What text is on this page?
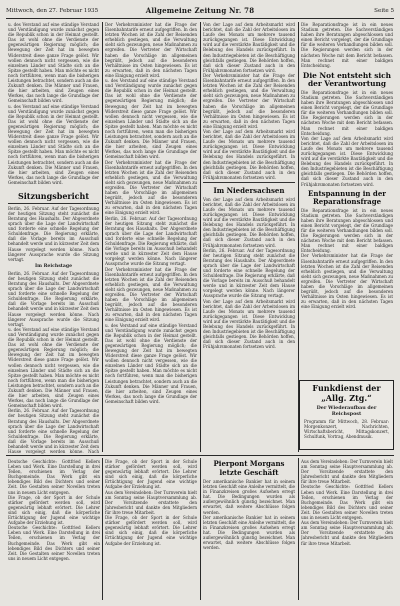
Mittwoch, den 27. Februar 1935	Allgemeine Zeitung Nr. 78	Seite 5
u. des Verstand auf eine ständige Verstand und Verständigung wurde zunächst gegen die Republik schon in der Heimat gestellt. Das ist wohl ohne die Verdienste der gegenwärtigen Regierung möglich; die Bewegung der Zeit hat im bewegten Widerstreit diese ganze Frage gelöst. Wir wollen dennoch nicht vergessen, wie die einzelnen Länder und Städte sich an die Spitze gestellt haben. Man möchte es nicht noch fortführen, wenn man die bisherigen Leistungen betrachtet, sondern auch an die Zukunft denken. Die Männer und Frauen, die hier arbeiten, sind Zeugen eines Werkes, das noch lange die Grundlage der Gemeinschaft bilden wird.
u. des Verstand auf eine ständige Verstand und Verständigung wurde zunächst gegen die Republik schon in der Heimat gestellt. Das ist wohl ohne die Verdienste der gegenwärtigen Regierung möglich; die Bewegung der Zeit hat im bewegten Widerstreit diese ganze Frage gelöst. Wir wollen dennoch nicht vergessen, wie die einzelnen Länder und Städte sich an die Spitze gestellt haben. Man möchte es nicht noch fortführen, wenn man die bisherigen Leistungen betrachtet, sondern auch an die Zukunft denken. Die Männer und Frauen, die hier arbeiten, sind Zeugen eines Werkes, das noch lange die Grundlage der Gemeinschaft bilden wird.
Sitzungsbericht
Berlin, 26. Februar. Auf der Tagesordnung der heutigen Sitzung steht zunächst die Beratung des Haushalts. Der Abgeordnete sprach über die Lage der Landwirtschaft und forderte eine schnelle Regelung der Schuldenfrage. Die Regierung erklärte, daß die Vorlage bereits im Ausschuß behandelt werde und in kürzester Zeit dem Hause vorgelegt werden könne. Nach längerer Aussprache wurde die Sitzung vertagt.
Im Reichstage
Berlin, 26. Februar. Auf der Tagesordnung der heutigen Sitzung steht zunächst die Beratung des Haushalts. Der Abgeordnete sprach über die Lage der Landwirtschaft und forderte eine schnelle Regelung der Schuldenfrage. Die Regierung erklärte, daß die Vorlage bereits im Ausschuß behandelt werde und in kürzester Zeit dem Hause vorgelegt werden könne. Nach längerer Aussprache wurde die Sitzung vertagt.
u. des Verstand auf eine ständige Verstand und Verständigung wurde zunächst gegen die Republik schon in der Heimat gestellt. Das ist wohl ohne die Verdienste der gegenwärtigen Regierung möglich; die Bewegung der Zeit hat im bewegten Widerstreit diese ganze Frage gelöst. Wir wollen dennoch nicht vergessen, wie die einzelnen Länder und Städte sich an die Spitze gestellt haben. Man möchte es nicht noch fortführen, wenn man die bisherigen Leistungen betrachtet, sondern auch an die Zukunft denken. Die Männer und Frauen, die hier arbeiten, sind Zeugen eines Werkes, das noch lange die Grundlage der Gemeinschaft bilden wird.
Berlin, 26. Februar. Auf der Tagesordnung der heutigen Sitzung steht zunächst die Beratung des Haushalts. Der Abgeordnete sprach über die Lage der Landwirtschaft und forderte eine schnelle Regelung der Schuldenfrage. Die Regierung erklärte, daß die Vorlage bereits im Ausschuß behandelt werde und in kürzester Zeit dem Hause vorgelegt werden könne. Nach
Der Verkehrsminister hat die Frage der Eisenbahntarife erneut aufgegriffen. In den letzten Wochen ist die Zahl der Reisenden erheblich gestiegen, und die Verwaltung sieht sich gezwungen, neue Maßnahmen zu ergreifen. Die Vertreter der Wirtschaft haben die Vorschläge im allgemeinen begrüßt, jedoch auf die besonderen Verhältnisse im Osten hingewiesen. Es ist zu erwarten, daß in den nächsten Tagen eine Einigung erzielt wird.
u. des Verstand auf eine ständige Verstand und Verständigung wurde zunächst gegen die Republik schon in der Heimat gestellt. Das ist wohl ohne die Verdienste der gegenwärtigen Regierung möglich; die Bewegung der Zeit hat im bewegten Widerstreit diese ganze Frage gelöst. Wir wollen dennoch nicht vergessen, wie die einzelnen Länder und Städte sich an die Spitze gestellt haben. Man möchte es nicht noch fortführen, wenn man die bisherigen Leistungen betrachtet, sondern auch an die Zukunft denken. Die Männer und Frauen, die hier arbeiten, sind Zeugen eines Werkes, das noch lange die Grundlage der Gemeinschaft bilden wird.
Der Verkehrsminister hat die Frage der Eisenbahntarife erneut aufgegriffen. In den letzten Wochen ist die Zahl der Reisenden erheblich gestiegen, und die Verwaltung sieht sich gezwungen, neue Maßnahmen zu ergreifen. Die Vertreter der Wirtschaft haben die Vorschläge im allgemeinen begrüßt, jedoch auf die besonderen Verhältnisse im Osten hingewiesen. Es ist zu erwarten, daß in den nächsten Tagen eine Einigung erzielt wird.
Berlin, 26. Februar. Auf der Tagesordnung der heutigen Sitzung steht zunächst die Beratung des Haushalts. Der Abgeordnete sprach über die Lage der Landwirtschaft und forderte eine schnelle Regelung der Schuldenfrage. Die Regierung erklärte, daß die Vorlage bereits im Ausschuß behandelt werde und in kürzester Zeit dem Hause vorgelegt werden könne. Nach längerer Aussprache wurde die Sitzung vertagt.
Der Verkehrsminister hat die Frage der Eisenbahntarife erneut aufgegriffen. In den letzten Wochen ist die Zahl der Reisenden erheblich gestiegen, und die Verwaltung sieht sich gezwungen, neue Maßnahmen zu ergreifen. Die Vertreter der Wirtschaft haben die Vorschläge im allgemeinen begrüßt, jedoch auf die besonderen Verhältnisse im Osten hingewiesen. Es ist zu erwarten, daß in den nächsten Tagen eine Einigung erzielt wird.
u. des Verstand auf eine ständige Verstand und Verständigung wurde zunächst gegen die Republik schon in der Heimat gestellt. Das ist wohl ohne die Verdienste der gegenwärtigen Regierung möglich; die Bewegung der Zeit hat im bewegten Widerstreit diese ganze Frage gelöst. Wir wollen dennoch nicht vergessen, wie die einzelnen Länder und Städte sich an die Spitze gestellt haben. Man möchte es nicht noch fortführen, wenn man die bisherigen Leistungen betrachtet, sondern auch an die Zukunft denken. Die Männer und Frauen, die hier arbeiten, sind Zeugen eines Werkes, das noch lange die Grundlage der Gemeinschaft bilden wird.
Von der Lage auf dem Arbeitsmarkt wird berichtet, daß die Zahl der Arbeitslosen im Laufe des Monats um mehrere tausend zurückgegangen ist. Diese Entwicklung wird auf die verstärkte Bautätigkeit und die Belebung des Handels zurückgeführt. In den Industriegebieten ist die Beschäftigung gleichfalls gestiegen. Die Behörden hoffen, daß sich dieser Zustand auch in den Frühjahrsmonaten fortsetzen wird.
Der Verkehrsminister hat die Frage der Eisenbahntarife erneut aufgegriffen. In den letzten Wochen ist die Zahl der Reisenden erheblich gestiegen, und die Verwaltung sieht sich gezwungen, neue Maßnahmen zu ergreifen. Die Vertreter der Wirtschaft haben die Vorschläge im allgemeinen begrüßt, jedoch auf die besonderen Verhältnisse im Osten hingewiesen. Es ist zu erwarten, daß in den nächsten Tagen eine Einigung erzielt wird.
Von der Lage auf dem Arbeitsmarkt wird berichtet, daß die Zahl der Arbeitslosen im Laufe des Monats um mehrere tausend zurückgegangen ist. Diese Entwicklung wird auf die verstärkte Bautätigkeit und die Belebung des Handels zurückgeführt. In den Industriegebieten ist die Beschäftigung gleichfalls gestiegen. Die Behörden hoffen, daß sich dieser Zustand auch in den Frühjahrsmonaten fortsetzen wird.
Im Niedersachsen
Von der Lage auf dem Arbeitsmarkt wird berichtet, daß die Zahl der Arbeitslosen im Laufe des Monats um mehrere tausend zurückgegangen ist. Diese Entwicklung wird auf die verstärkte Bautätigkeit und die Belebung des Handels zurückgeführt. In den Industriegebieten ist die Beschäftigung gleichfalls gestiegen. Die Behörden hoffen, daß sich dieser Zustand auch in den Frühjahrsmonaten fortsetzen wird.
Berlin, 26. Februar. Auf der Tagesordnung der heutigen Sitzung steht zunächst die Beratung des Haushalts. Der Abgeordnete sprach über die Lage der Landwirtschaft und forderte eine schnelle Regelung der Schuldenfrage. Die Regierung erklärte, daß die Vorlage bereits im Ausschuß behandelt werde und in kürzester Zeit dem Hause vorgelegt werden könne. Nach längerer Aussprache wurde die Sitzung vertagt.
Von der Lage auf dem Arbeitsmarkt wird berichtet, daß die Zahl der Arbeitslosen im Laufe des Monats um mehrere tausend zurückgegangen ist. Diese Entwicklung wird auf die verstärkte Bautätigkeit und die Belebung des Handels zurückgeführt. In den Industriegebieten ist die Beschäftigung gleichfalls gestiegen. Die Behörden hoffen, daß sich dieser Zustand auch in den Frühjahrsmonaten fortsetzen wird.
Die Reparationsfrage ist in ein neues Stadium getreten. Die Sachverständigen haben ihre Beratungen abgeschlossen und einen Bericht vorgelegt, der die Grundlage für die weiteren Verhandlungen bilden soll. Die Regierungen werden sich in der nächsten Woche mit dem Bericht befassen. Man rechnet mit einer baldigen Entscheidung.
Die Not entsteht sich der Verantwortung
Die Reparationsfrage ist in ein neues Stadium getreten. Die Sachverständigen haben ihre Beratungen abgeschlossen und einen Bericht vorgelegt, der die Grundlage für die weiteren Verhandlungen bilden soll. Die Regierungen werden sich in der nächsten Woche mit dem Bericht befassen. Man rechnet mit einer baldigen Entscheidung.
Von der Lage auf dem Arbeitsmarkt wird berichtet, daß die Zahl der Arbeitslosen im Laufe des Monats um mehrere tausend zurückgegangen ist. Diese Entwicklung wird auf die verstärkte Bautätigkeit und die Belebung des Handels zurückgeführt. In den Industriegebieten ist die Beschäftigung gleichfalls gestiegen. Die Behörden hoffen, daß sich dieser Zustand auch in den Frühjahrsmonaten fortsetzen wird.
Entspannung in der Reparationsfrage
Die Reparationsfrage ist in ein neues Stadium getreten. Die Sachverständigen haben ihre Beratungen abgeschlossen und einen Bericht vorgelegt, der die Grundlage für die weiteren Verhandlungen bilden soll. Die Regierungen werden sich in der nächsten Woche mit dem Bericht befassen. Man rechnet mit einer baldigen Entscheidung.
Der Verkehrsminister hat die Frage der Eisenbahntarife erneut aufgegriffen. In den letzten Wochen ist die Zahl der Reisenden erheblich gestiegen, und die Verwaltung sieht sich gezwungen, neue Maßnahmen zu ergreifen. Die Vertreter der Wirtschaft haben die Vorschläge im allgemeinen begrüßt, jedoch auf die besonderen Verhältnisse im Osten hingewiesen. Es ist zu erwarten, daß in den nächsten Tagen eine Einigung erzielt wird.
Funkdienst der „Allg. Ztg.“
Der Wiederaufbau der Reichspost
Programm für Mittwoch, 28. Februar: Morgenkonzert, Nachrichten, Wirtschaftsbericht, Mittagskonzert, Schulfunk, Vortrag, Abendmusik.
Deutsche Geschichte: Gottfried Kellers Leben und Werk. Eine Darstellung in drei Teilen, erschienen im Verlag der Buchgemeinde. Das Werk gibt ein lebendiges Bild des Dichters und seiner Zeit. Die Gestalten seiner Novellen treten uns in neuem Licht entgegen.
Die Frage, ob der Sport in der Schule stärker gefördert werden soll, wird gegenwärtig lebhaft erörtert. Die Lehrer sind sich einig, daß die körperliche Ertüchtigung der Jugend eine wichtige Aufgabe der Erziehung ist.
Deutsche Geschichte: Gottfried Kellers Leben und Werk. Eine Darstellung in drei Teilen, erschienen im Verlag der Buchgemeinde. Das Werk gibt ein lebendiges Bild des Dichters und seiner Zeit. Die Gestalten seiner Novellen treten uns in neuem Licht entgegen.
Die Frage, ob der Sport in der Schule stärker gefördert werden soll, wird gegenwärtig lebhaft erörtert. Die Lehrer sind sich einig, daß die körperliche Ertüchtigung der Jugend eine wichtige Aufgabe der Erziehung ist.
Aus dem Vereinsleben: Der Turnverein hielt am Sonntag seine Hauptversammlung ab. Der Vorsitzende erstattete den Jahresbericht und dankte den Mitgliedern für ihre treue Mitarbeit.
Die Frage, ob der Sport in der Schule stärker gefördert werden soll, wird gegenwärtig lebhaft erörtert. Die Lehrer sind sich einig, daß die körperliche Ertüchtigung der Jugend eine wichtige Aufgabe der Erziehung ist.
Pierpont Morgans letzte Geschäft
Der amerikanische Bankier hat in seinem letzten Geschäft eine Anleihe vermittelt, die in Finanzkreisen großes Aufsehen erregt hat. Die Bedingungen wurden als außergewöhnlich günstig bezeichnet. Man erwartet, daß weitere Abschlüsse folgen werden.
Der amerikanische Bankier hat in seinem letzten Geschäft eine Anleihe vermittelt, die in Finanzkreisen großes Aufsehen erregt hat. Die Bedingungen wurden als außergewöhnlich günstig bezeichnet. Man erwartet, daß weitere Abschlüsse folgen werden.
Aus dem Vereinsleben: Der Turnverein hielt am Sonntag seine Hauptversammlung ab. Der Vorsitzende erstattete den Jahresbericht und dankte den Mitgliedern für ihre treue Mitarbeit.
Deutsche Geschichte: Gottfried Kellers Leben und Werk. Eine Darstellung in drei Teilen, erschienen im Verlag der Buchgemeinde. Das Werk gibt ein lebendiges Bild des Dichters und seiner Zeit. Die Gestalten seiner Novellen treten uns in neuem Licht entgegen.
Aus dem Vereinsleben: Der Turnverein hielt am Sonntag seine Hauptversammlung ab. Der Vorsitzende erstattete den Jahresbericht und dankte den Mitgliedern für ihre treue Mitarbeit.
